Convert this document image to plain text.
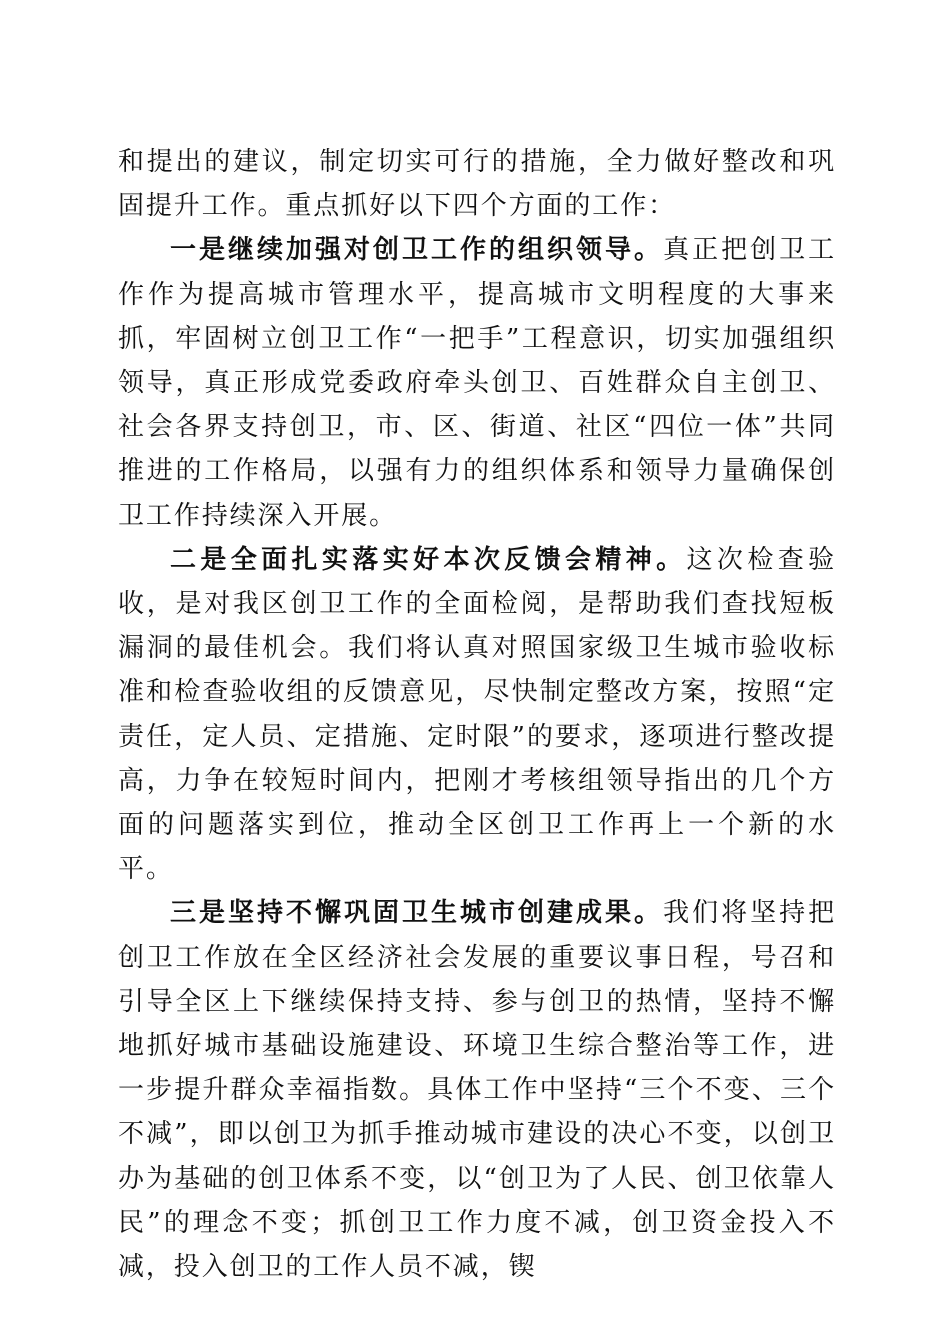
和提出的建议，制定切实可行的措施，全力做好整改和巩固提升工作。重点抓好以下四个方面的工作：

一是继续加强对创卫工作的组织领导。真正把创卫工作作为提高城市管理水平，提高城市文明程度的大事来抓，牢固树立创卫工作“一把手”工程意识，切实加强组织领导，真正形成党委政府牵头创卫、百姓群众自主创卫、社会各界支持创卫，市、区、街道、社区“四位一体”共同推进的工作格局，以强有力的组织体系和领导力量确保创卫工作持续深入开展。

二是全面扎实落实好本次反馈会精神。这次检查验收，是对我区创卫工作的全面检阅，是帮助我们查找短板漏洞的最佳机会。我们将认真对照国家级卫生城市验收标准和检查验收组的反馈意见，尽快制定整改方案，按照“定责任，定人员、定措施、定时限”的要求，逐项进行整改提高，力争在较短时间内，把刚才考核组领导指出的几个方面的问题落实到位，推动全区创卫工作再上一个新的水平。

三是坚持不懈巩固卫生城市创建成果。我们将坚持把创卫工作放在全区经济社会发展的重要议事日程，号召和引导全区上下继续保持支持、参与创卫的热情，坚持不懈地抓好城市基础设施建设、环境卫生综合整治等工作，进一步提升群众幸福指数。具体工作中坚持“三个不变、三个不减”，即以创卫为抓手推动城市建设的决心不变，以创卫办为基础的创卫体系不变，以“创卫为了人民、创卫依靠人民”的理念不变；抓创卫工作力度不减，创卫资金投入不减，投入创卫的工作人员不减，锲
